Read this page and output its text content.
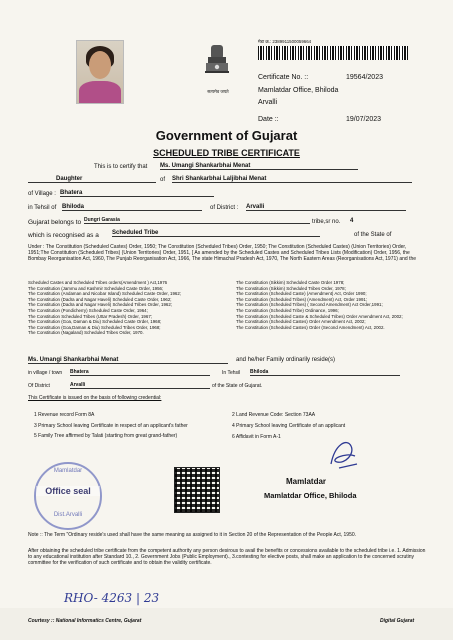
सत्यमेव जयते
मेडा क्र.: 2389911500059664
Certificate No. ::	19564/2023
Mamlatdar Office, Bhiloda
Arvalli
Date ::	19/07/2023
Government of Gujarat
SCHEDULED TRIBE CERTIFICATE
This is to certify that Ms. Umangi Shankarbhai Menat
Daughter	of Shri Shankarbhai Laljibhai Menat
of Village : Bhatera
in Tehsil of Bhiloda	of District : Arvalli
Gujarat belongs to Dungri Garasia	tribe,sr no. 4
which is recognised as a Scheduled Tribe	of the State of
Under : The Constitution (Scheduled Castes) Order, 1950; The Constitution (Scheduled Tribes) Order, 1950; The Constitution (Scheduled Castes) (Union Territories) Order, 1951;The Constitution (Scheduled Tribes) (Union Territories) Order, 1951, [ As amended by the Scheduled Castes and Scheduled Tribes Lists (Modification) Order, 1956, the Bombay Reorganisation Act, 1960, The Punjab Reorganisation Act, 1966, The state Himachal Pradesh Act, 1970, The North Eastern Areas (Reorganisations Act, 1971) and the
Scheduled Castes and Scheduled Tribes orders(Amendment ) Act,1976
The Constitution (Jammu and Kashmir Scheduled Caste Order, 1956;
The Constitution (Andaman and Nicobar Island) Scheduled Caste Order, 1962;
The Constitution (Dadra and Nagar Haveli) Scheduled Caste Order, 1962;
The Constitution (Dadra and Nagar Haveli) Scheduled Tribes Order, 1962;
The Constitution (Pondicherry) Scheduled Caste Order, 1964;
The Constitution Scheduled Tribes (Uttar Pradesh) Order, 1967;
The Constitution (Goa, Daman & Diu) Scheduled Caste Order, 1968;
The Constitution (Goa,Daman & Diu) Scheduled Tribes Order, 1968;
The Constitution (Nagaland) Scheduled Tribes Order, 1970.
The Constitution (Sikkim) Scheduled Caste Order 1978;
The Constitution (Sikkim) Scheduled Tribes Order, 1978;
The Constitution (Scheduled Caste) (Amendment) Act, Order 1990;
The Constitution (Scheduled Tribes) (Amendment) Act, Order 1991;
The Constitution (Scheduled Tribes) ( Second Amendment) Act Order,1991;
The Constitution (Scheduled Tribe) Ordinance, 1996;
The Constitution (Scheduled Caste & Scheduled Tribes) Order Amendment Act, 2002;
The Constitution (Scheduled Castes) Order Amendment Act, 2002;
The Constitution (Scheduled Castes) Order (Second Amendment) Act, 2002.
Ms. Umangi Shankarbhai Menat	and he/her Family ordinarily reside(s)
in village / town Bhatera	In Tehsil Bhiloda
Of District	Arvalli	of the State of Gujarat.
This Certificate is issued on the basis of following credential:
1 Revenue record Form 8A
3 Primary School leaving Certificate in respect of an applicant's father
5 Family Tree affirmed by Talati (starting from great grand-father)
2 Land Revenue Code: Section 73AA
4 Primary School leaving Certificate of an applicant
6 Affidavit in Form A-1
Mamlatdar
Office seal
Dist.Arvalli
Mamlatdar
Mamlatdar Office, Bhiloda
Note :: The Term "Ordinary reside's used shall have the same meaning as assigned to it in Section 20 of the Representation of the People Act, 1950.
After obtaining the scheduled tribe certificate from the competent authority any person desirous to avail the benefits or concessions available to the scheduled tribe i.e. 1. Admission to any educational institution after Standard 10., 2. Government Jobs (Public Employment)., 3.contesting for elective posts, shall make an application to the concerned scrutiny committee for the verification of such certificate and to obtain the validity certificate.
RHO- 4263 | 23
Courtesy :: National Informatics Centre, Gujarat	Digital Gujarat
